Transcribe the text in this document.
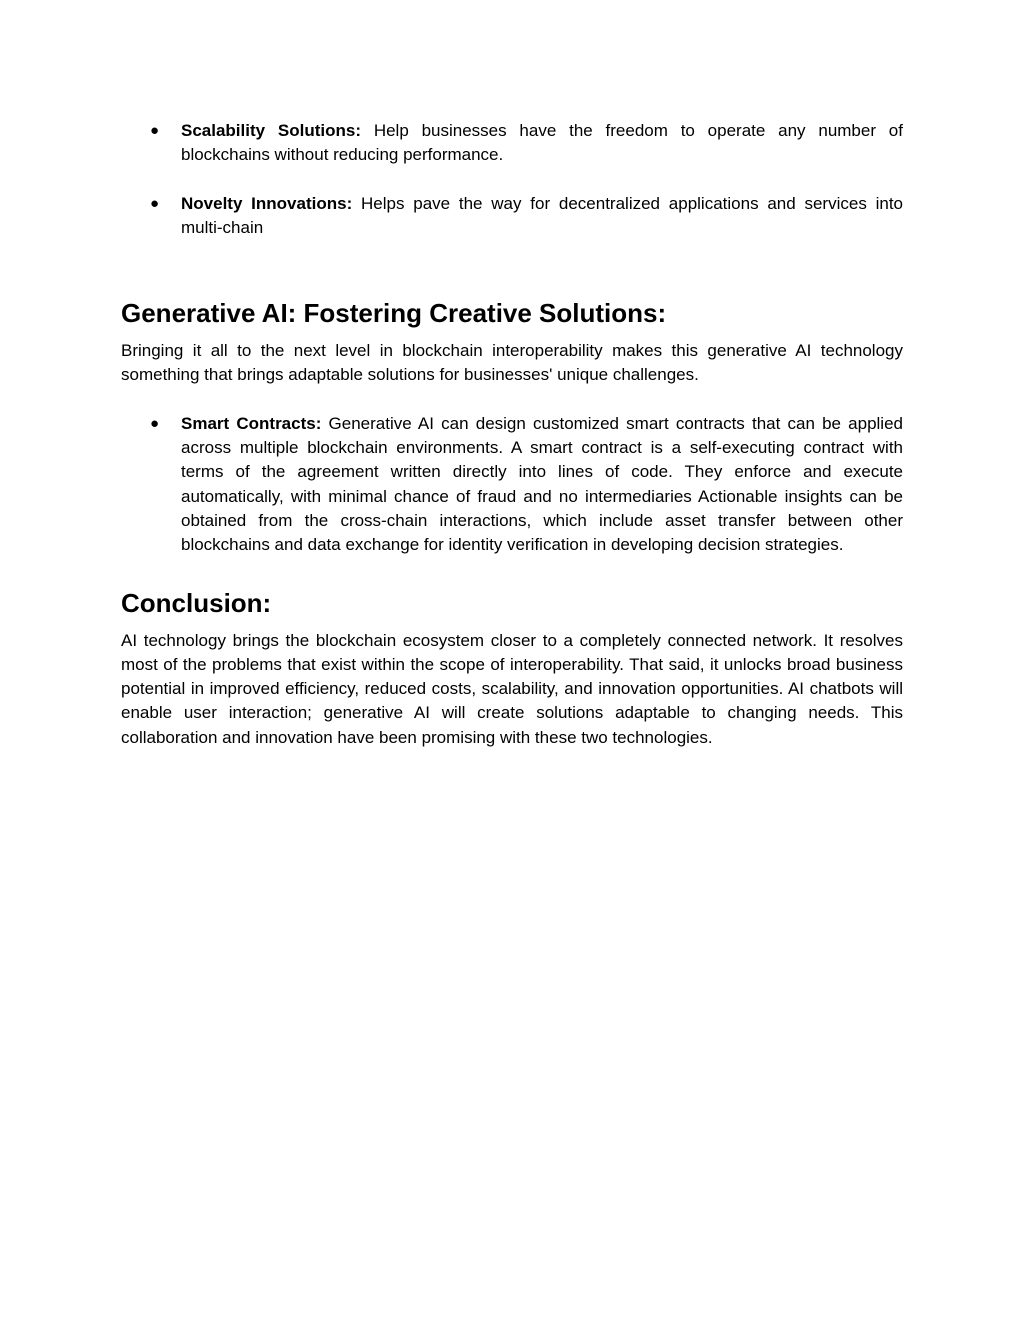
● Scalability Solutions: Help businesses have the freedom to operate any number of blockchains without reducing performance.
● Novelty Innovations: Helps pave the way for decentralized applications and services into multi-chain
Generative AI: Fostering Creative Solutions:

Bringing it all to the next level in blockchain interoperability makes this generative AI technology something that brings adaptable solutions for businesses' unique challenges.

● Smart Contracts: Generative AI can design customized smart contracts that can be applied across multiple blockchain environments. A smart contract is a self-executing contract with terms of the agreement written directly into lines of code. They enforce and execute automatically, with minimal chance of fraud and no intermediaries Actionable insights can be obtained from the cross-chain interactions, which include asset transfer between other blockchains and data exchange for identity verification in developing decision strategies.
Conclusion:

AI technology brings the blockchain ecosystem closer to a completely connected network. It resolves most of the problems that exist within the scope of interoperability. That said, it unlocks broad business potential in improved efficiency, reduced costs, scalability, and innovation opportunities. AI chatbots will enable user interaction; generative AI will create solutions adaptable to changing needs. This collaboration and innovation have been promising with these two technologies.
